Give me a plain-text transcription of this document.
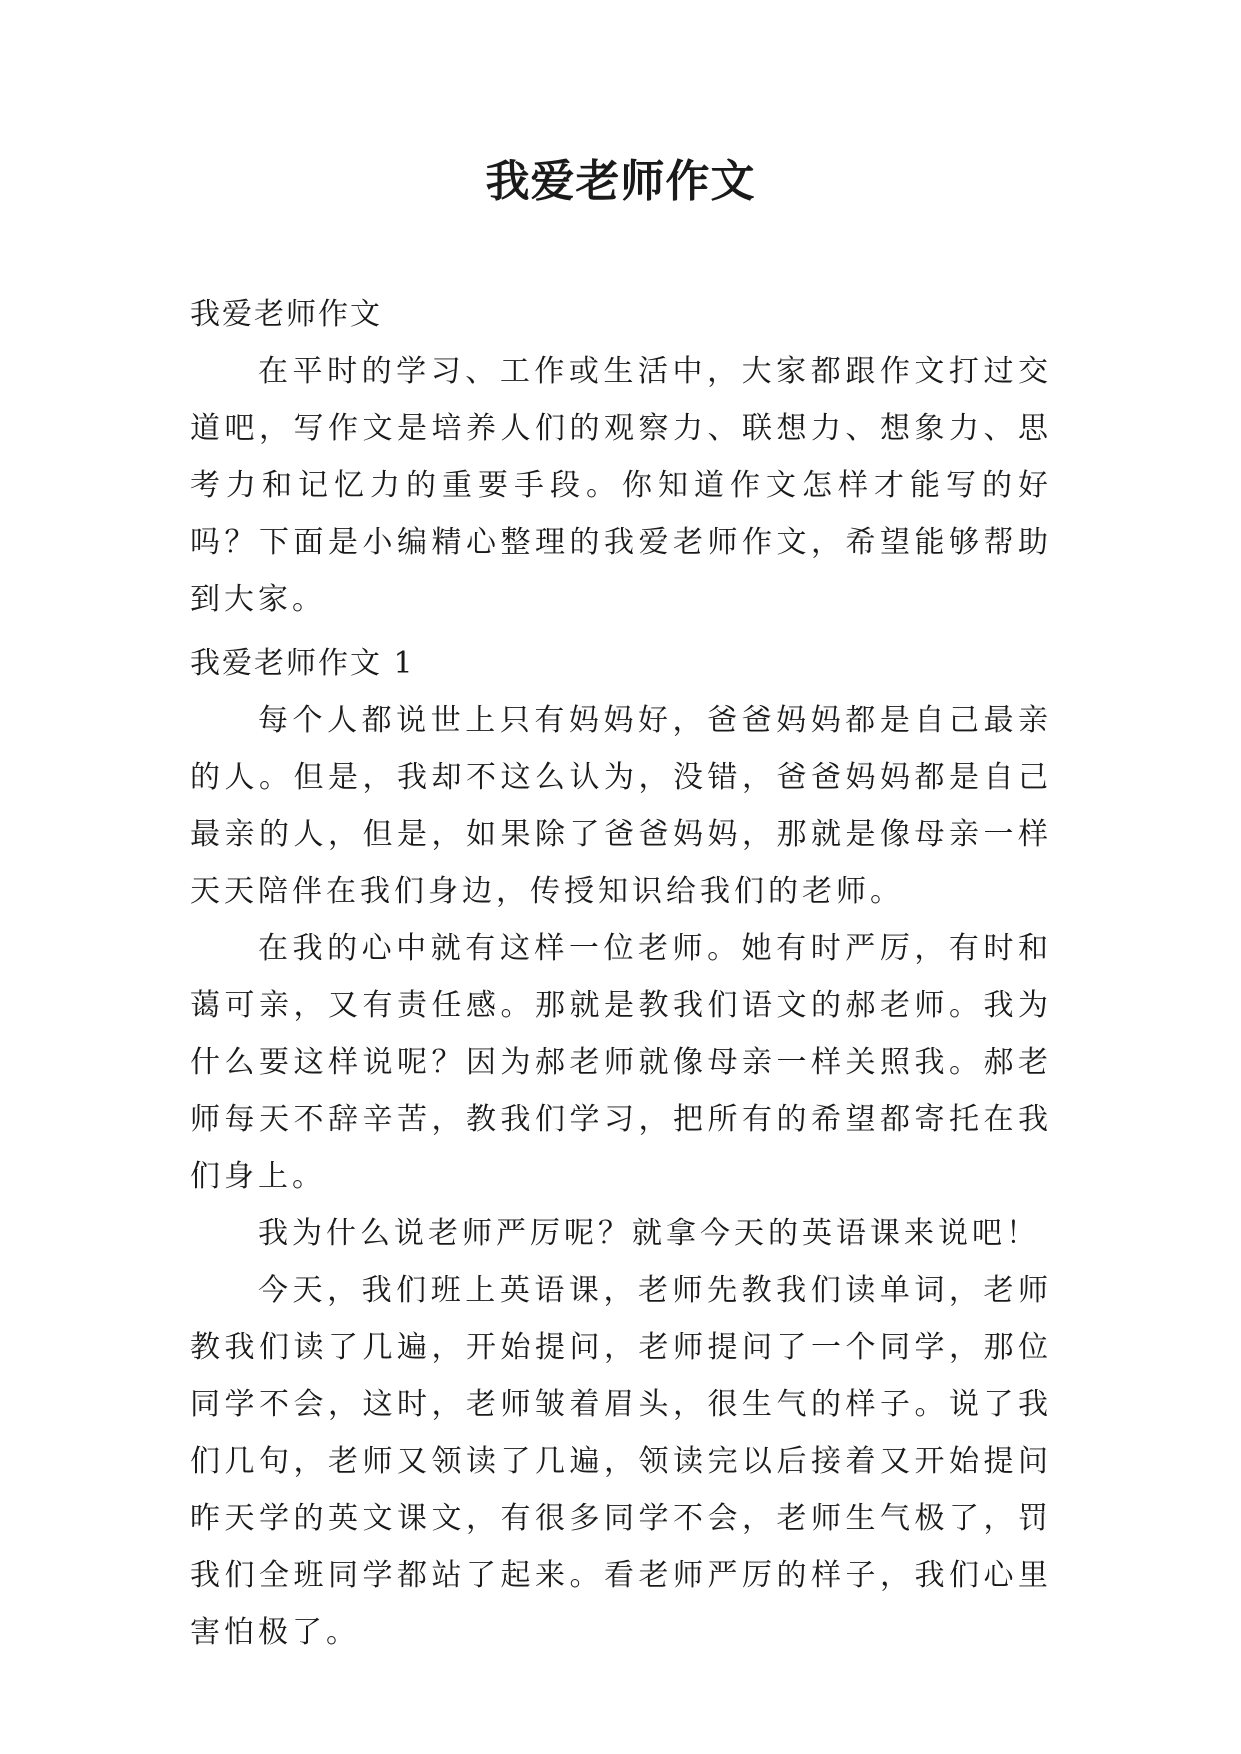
我爱老师作文

我爱老师作文

在平时的学习、工作或生活中，大家都跟作文打过交道吧，写作文是培养人们的观察力、联想力、想象力、思考力和记忆力的重要手段。你知道作文怎样才能写的好吗？下面是小编精心整理的我爱老师作文，希望能够帮助到大家。

我爱老师作文 1

每个人都说世上只有妈妈好，爸爸妈妈都是自己最亲的人。但是，我却不这么认为，没错，爸爸妈妈都是自己最亲的人，但是，如果除了爸爸妈妈，那就是像母亲一样天天陪伴在我们身边，传授知识给我们的老师。

在我的心中就有这样一位老师。她有时严厉，有时和蔼可亲，又有责任感。那就是教我们语文的郝老师。我为什么要这样说呢？因为郝老师就像母亲一样关照我。郝老师每天不辞辛苦，教我们学习，把所有的希望都寄托在我们身上。

我为什么说老师严厉呢？就拿今天的英语课来说吧！

今天，我们班上英语课，老师先教我们读单词，老师教我们读了几遍，开始提问，老师提问了一个同学，那位同学不会，这时，老师皱着眉头，很生气的样子。说了我们几句，老师又领读了几遍，领读完以后接着又开始提问昨天学的英文课文，有很多同学不会，老师生气极了，罚我们全班同学都站了起来。看老师严厉的样子，我们心里害怕极了。
